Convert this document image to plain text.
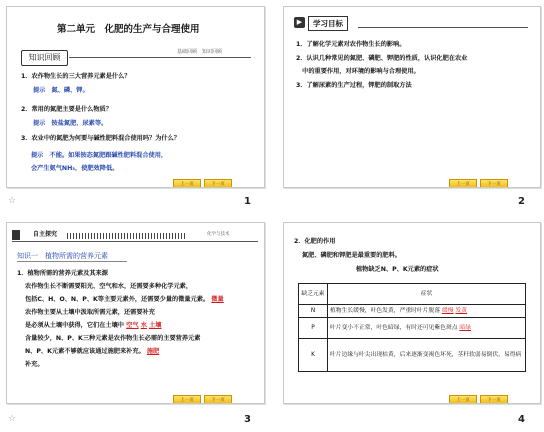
第二单元　化肥的生产与合理使用
知识回顾
基础回顾　知识回顾
1．农作物生长的三大营养元素是什么？
提示　氮、磷、钾。
2．常用的氮肥主要是什么物质？
提示　铵盐氮肥、尿素等。
3．农业中的氮肥为何要与碱性肥料混合使用吗？为什么？
提示　不能。如果铵态氮肥跟碱性肥料混合使用，
会产生氨气NH₃，使肥效降低。
上一页	下一页
☆	1
▶	学习目标
1．了解化学元素对农作物生长的影响。
2．认识几种常见的氮肥、磷肥、钾肥的性质，认识化肥在农业
　中的重要作用，对环境的影响与合理使用。
3．了解尿素的生产过程，钾肥的制取方法
上一页	下一页
2
自主探究	化学与技术
知识一　植物所需的营养元素
1．植物所需的营养元素及其来源
农作物生长不断需要阳光、空气和水，还需要多种化学元素，
包括C、H、O、N、P、K等主要元素外，还需要少量的微量元素。 微量
农作物主要从土壤中汲取所需元素，还需要补充
是必须从土壤中获得，它们在土壤中 空气 水 土壤
含量较少，N、P、K三种元素是农作物生长必需的主要营养元素
N、P、K元素不够就应该通过施肥来补充。 施肥
补充。
上一页	下一页
☆	3
2．化肥的作用
氮肥、磷肥和钾肥是最重要的肥料。
植物缺乏N、P、K元素的症状
缺乏元素	症状
N	植物生长缓慢，叶色发黄，严重时叶片脱落 缓慢 发黄
P	叶片变小不正常，叶色暗绿，有时还可见紫色斑点 暗绿
K	叶片边缘与叶尖出现枯黄，后来逐渐变褐色坏死，茎秆软弱易倒伏，易得病
上一页	下一页
4
